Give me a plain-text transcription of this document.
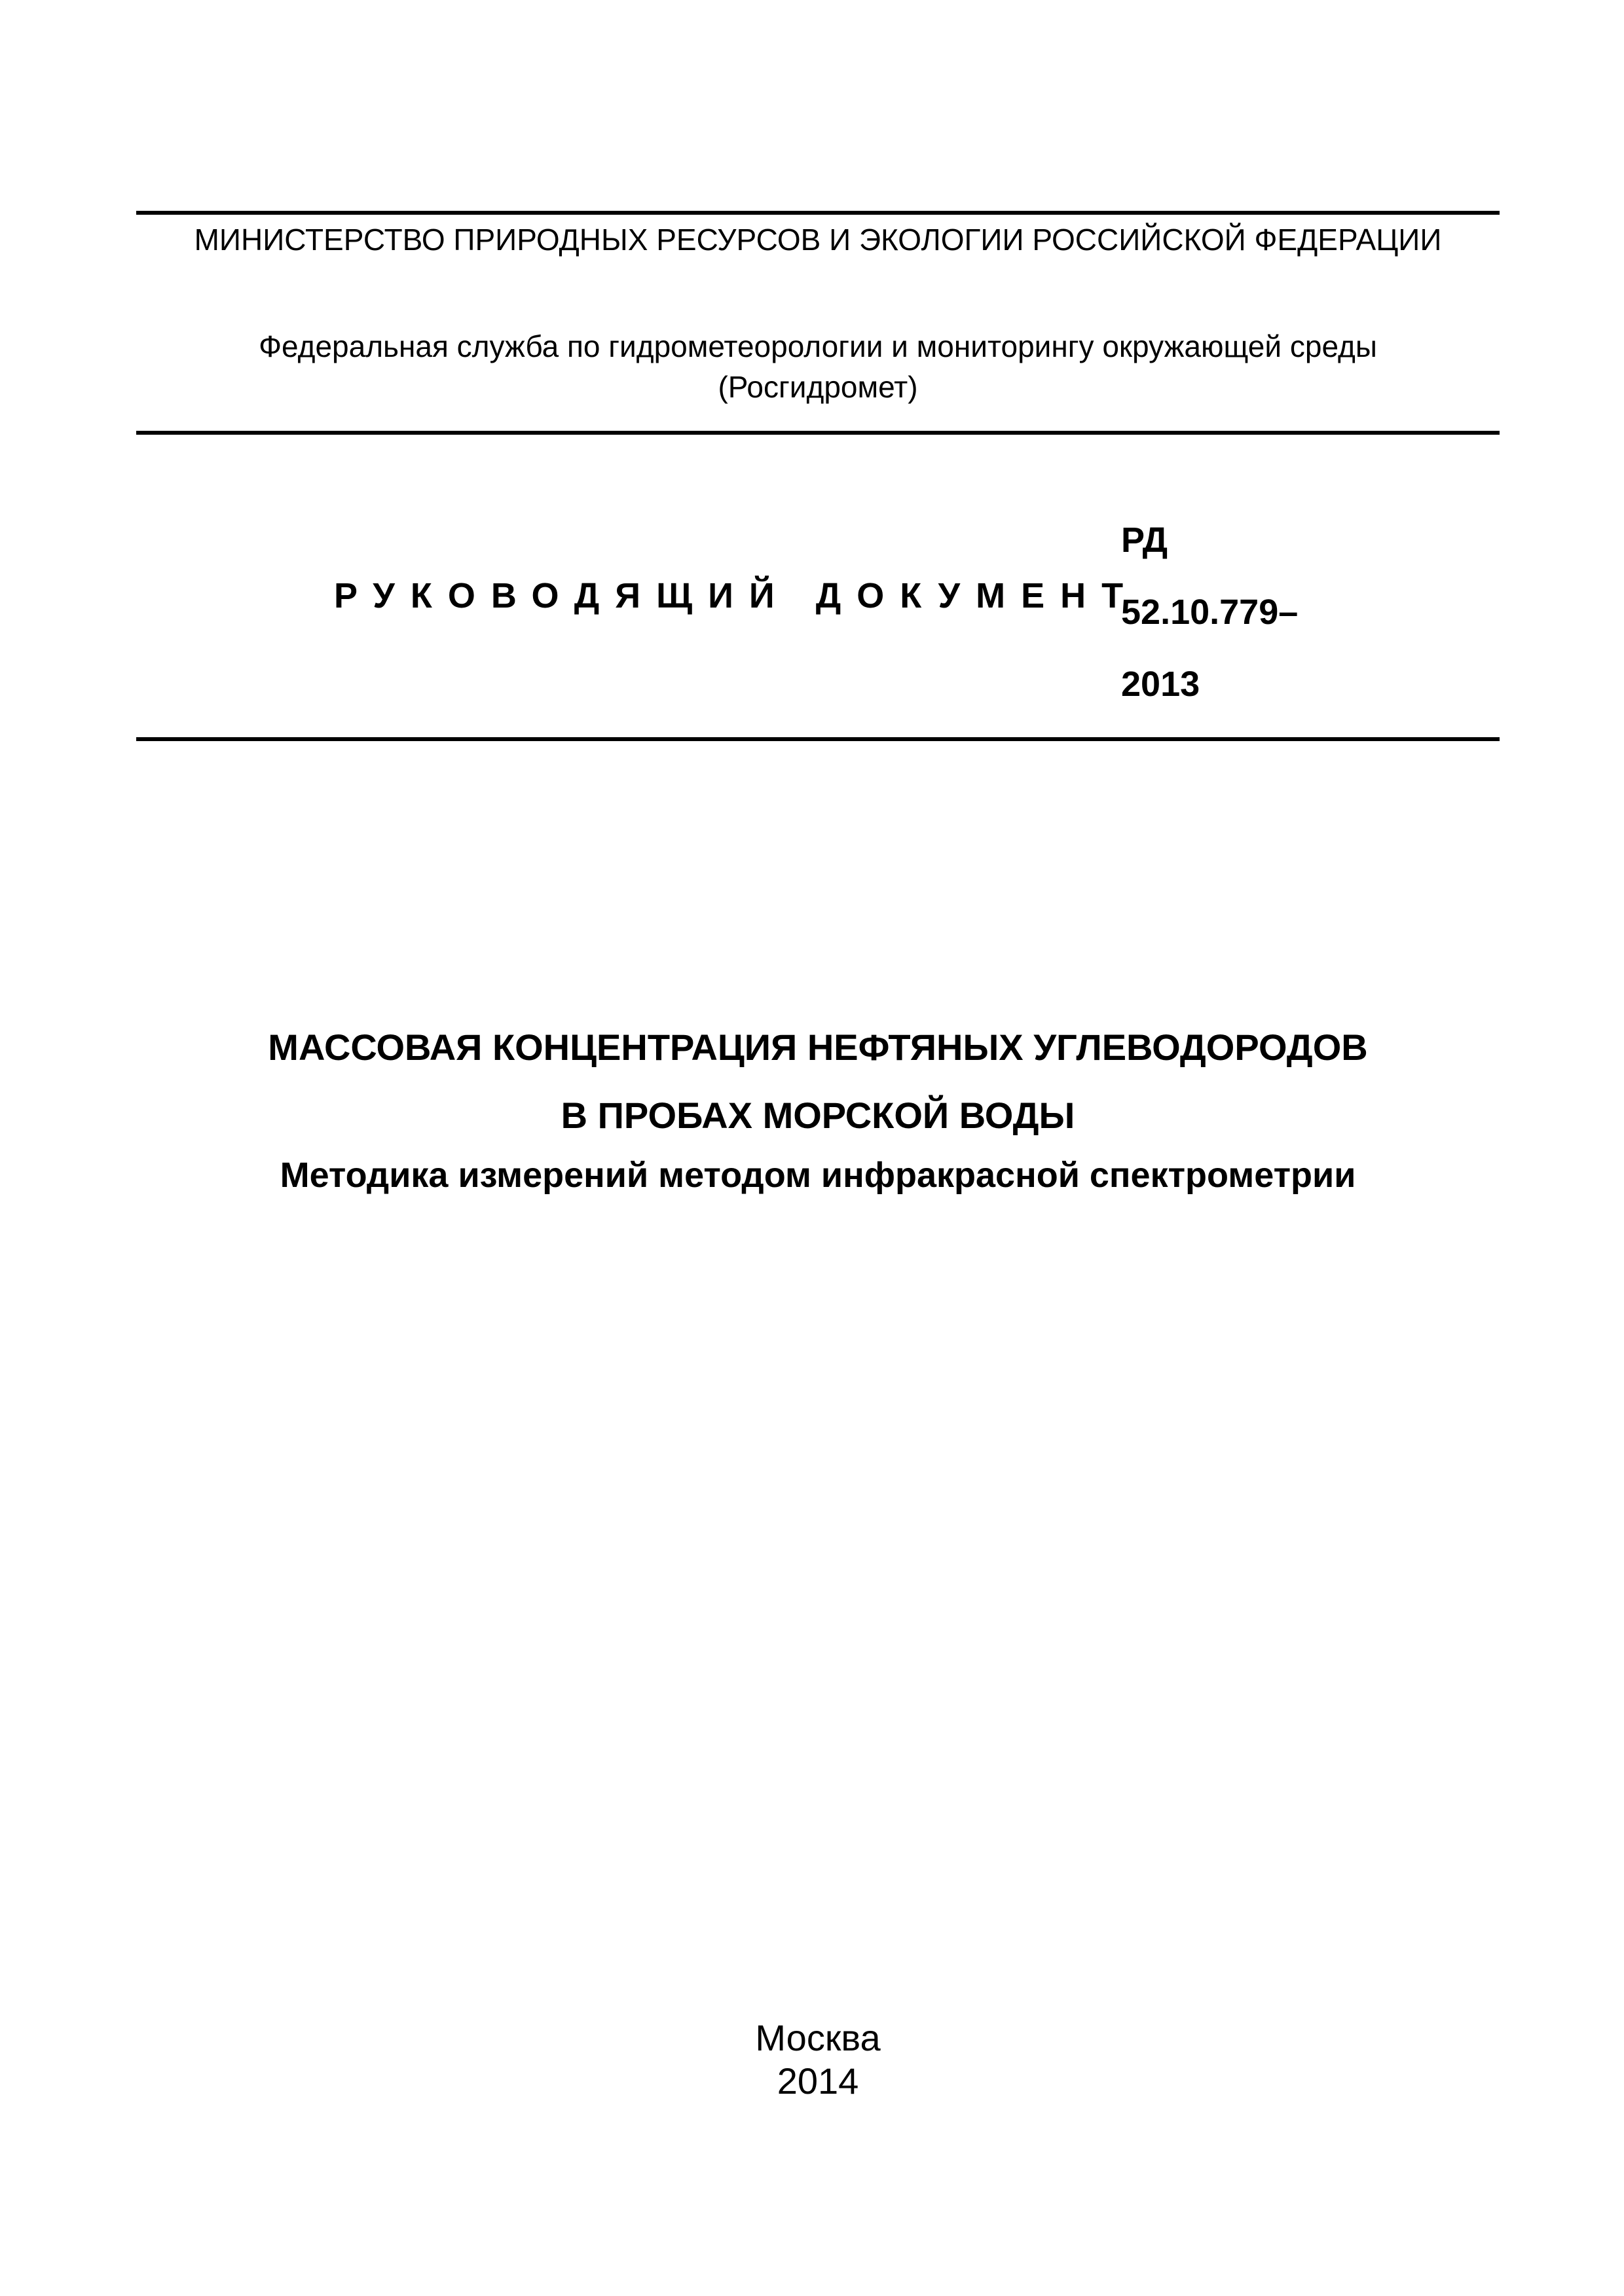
МИНИСТЕРСТВО ПРИРОДНЫХ РЕСУРСОВ И ЭКОЛОГИИ РОССИЙСКОЙ ФЕДЕРАЦИИ
Федеральная служба по гидрометеорологии и мониторингу окружающей среды
(Росгидромет)
РУКОВОДЯЩИЙ ДОКУМЕНТ
РД
52.10.779–
2013
МАССОВАЯ КОНЦЕНТРАЦИЯ НЕФТЯНЫХ УГЛЕВОДОРОДОВ
В ПРОБАХ МОРСКОЙ ВОДЫ
Методика измерений методом инфракрасной спектрометрии
Москва
2014
